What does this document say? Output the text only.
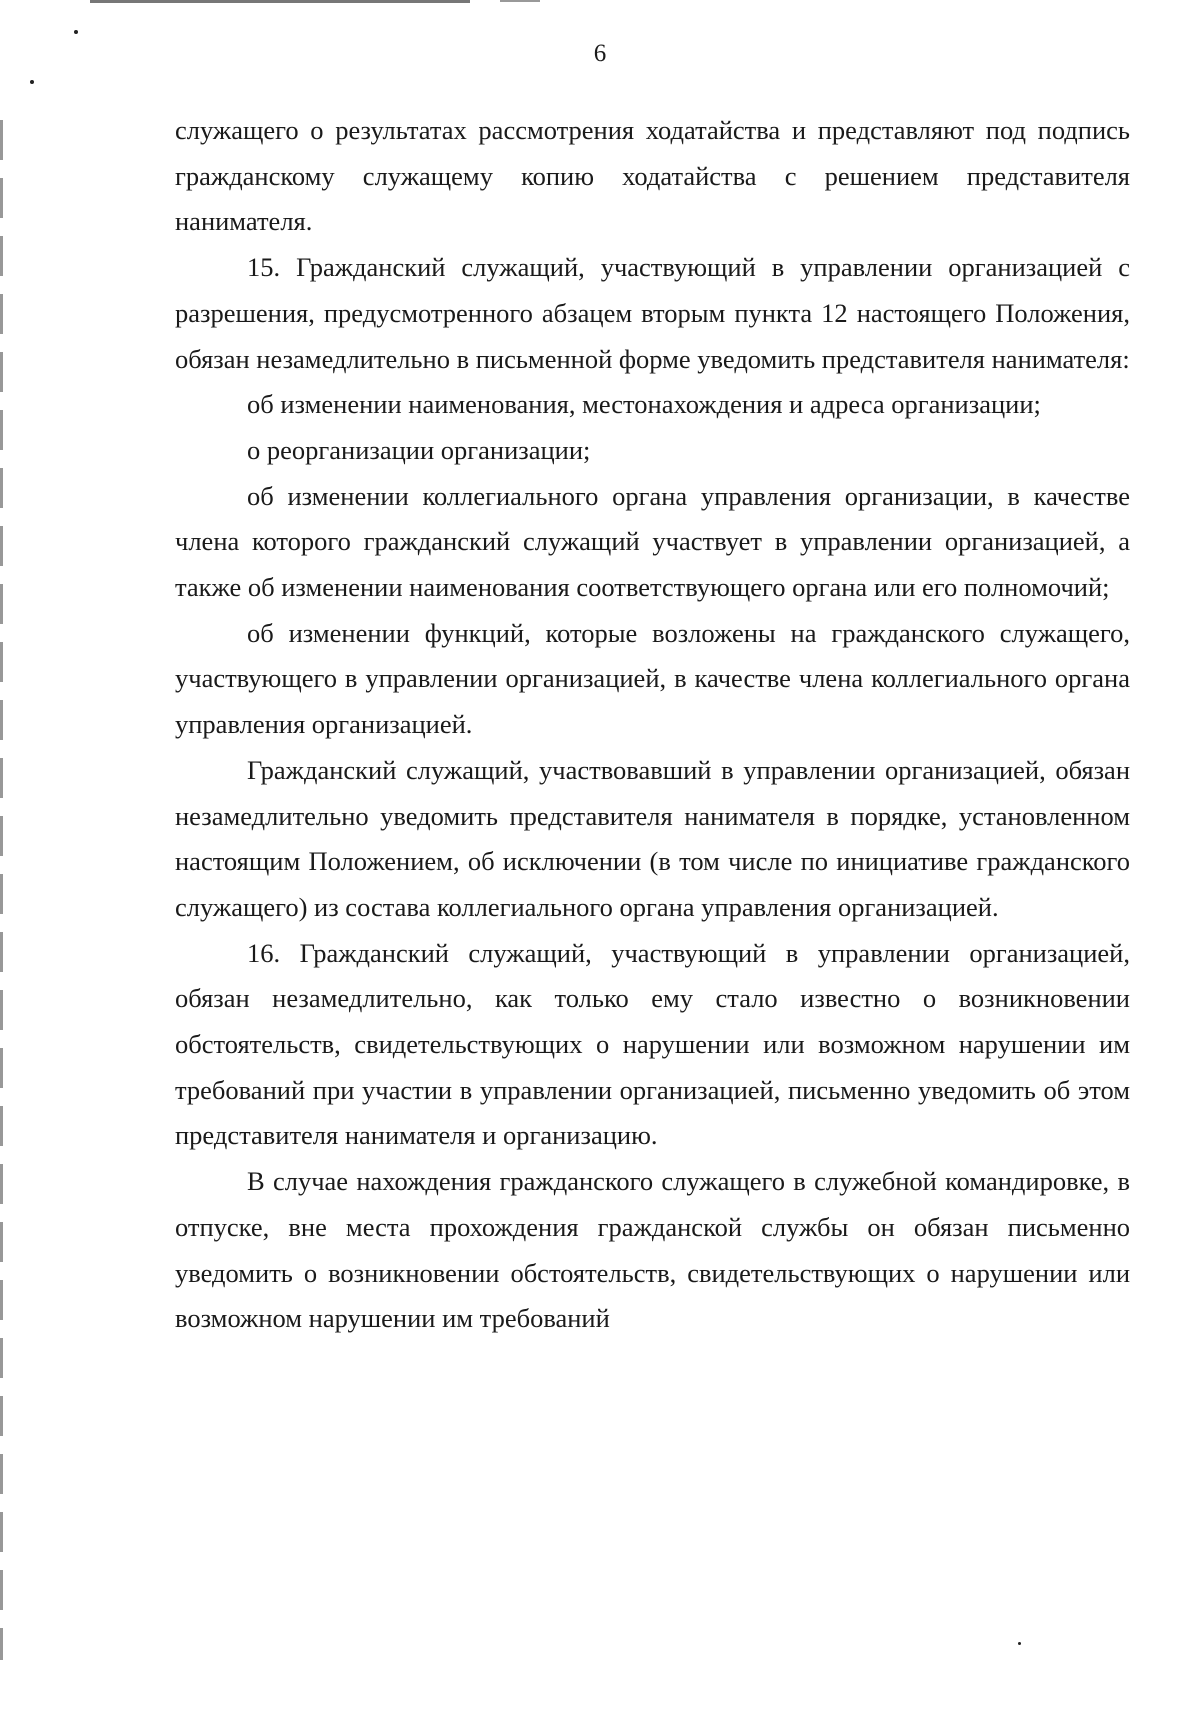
6

служащего о результатах рассмотрения ходатайства и представляют под подпись гражданскому служащему копию ходатайства с решением представителя нанимателя.

15. Гражданский служащий, участвующий в управлении организацией с разрешения, предусмотренного абзацем вторым пункта 12 настоящего Положения, обязан незамедлительно в письменной форме уведомить представителя нанимателя:

об изменении наименования, местонахождения и адреса организации;

о реорганизации организации;

об изменении коллегиального органа управления организации, в качестве члена которого гражданский служащий участвует в управлении организацией, а также об изменении наименования соответствующего органа или его полномочий;

об изменении функций, которые возложены на гражданского служащего, участвующего в управлении организацией, в качестве члена коллегиального органа управления организацией.

Гражданский служащий, участвовавший в управлении организацией, обязан незамедлительно уведомить представителя нанимателя в порядке, установленном настоящим Положением, об исключении (в том числе по инициативе гражданского служащего) из состава коллегиального органа управления организацией.

16. Гражданский служащий, участвующий в управлении организацией, обязан незамедлительно, как только ему стало известно о возникновении обстоятельств, свидетельствующих о нарушении или возможном нарушении им требований при участии в управлении организацией, письменно уведомить об этом представителя нанимателя и организацию.

В случае нахождения гражданского служащего в служебной командировке, в отпуске, вне места прохождения гражданской службы он обязан письменно уведомить о возникновении обстоятельств, свидетельствующих о нарушении или возможном нарушении им требований
